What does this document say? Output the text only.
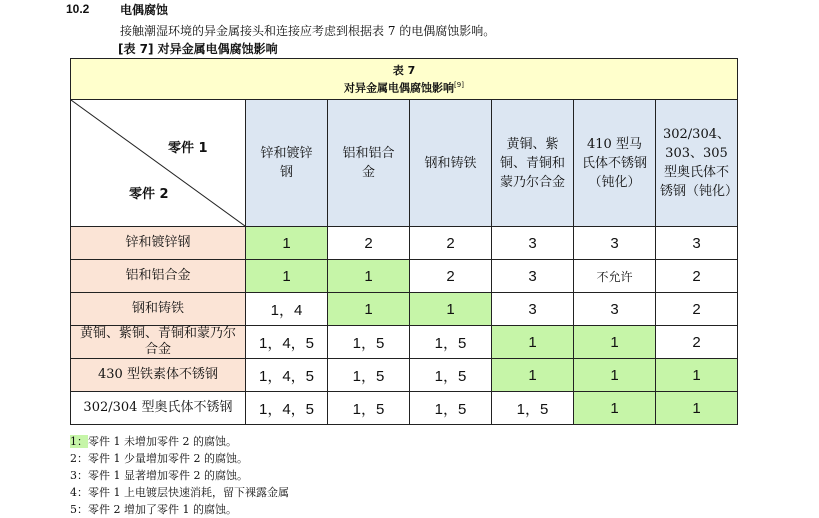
10.2	电偶腐蚀
接触潮湿环境的异金属接头和连接应考虑到根据表 7 的电偶腐蚀影响。
[表 7] 对异金属电偶腐蚀影响
表 7
对异金属电偶腐蚀影响[9]

零件 1
零件 2	锌和镀锌钢	铝和铝合金	钢和铸铁	黄铜、紫铜、青铜和蒙乃尔合金	410 型马氏体不锈钢（钝化）	302/304、303、305 型奥氏体不锈钢（钝化）

锌和镀锌钢	1	2	2	3	3	3
铝和铝合金	1	1	2	3	不允许	2
钢和铸铁	1，4	1	1	3	3	2

黄铜、紫铜、青铜和蒙乃尔合金	1，4，5	1，5	1，5	1	1	2
430 型铁素体不锈钢	1，4，5	1，5	1，5	1	1	1
302/304 型奥氏体不锈钢	1，4，5	1，5	1，5	1，5	1	1
1：零件 1 未增加零件 2 的腐蚀。
2：零件 1 少量增加零件 2 的腐蚀。
3：零件 1 显著增加零件 2 的腐蚀。
4：零件 1 上电镀层快速消耗，留下裸露金属
5：零件 2 增加了零件 1 的腐蚀。
